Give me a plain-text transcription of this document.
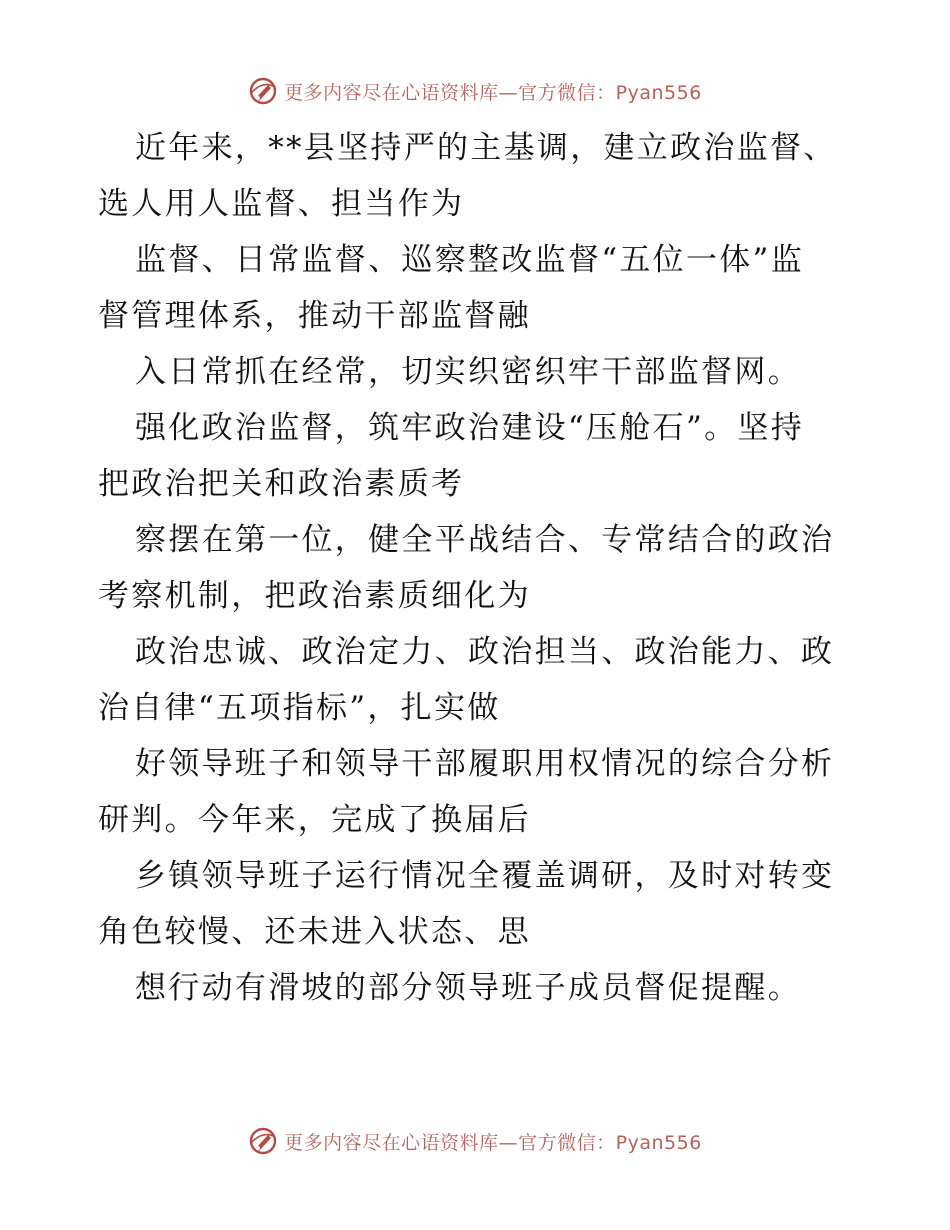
更多内容尽在心语资料库—官方微信：Pyan556

近年来，**县坚持严的主基调，建立政治监督、
选人用人监督、担当作为

监督、日常监督、巡察整改监督“五位一体”监
督管理体系，推动干部监督融

入日常抓在经常，切实织密织牢干部监督网。

强化政治监督，筑牢政治建设“压舱石”。坚持
把政治把关和政治素质考

察摆在第一位，健全平战结合、专常结合的政治
考察机制，把政治素质细化为

政治忠诚、政治定力、政治担当、政治能力、政
治自律“五项指标”，扎实做

好领导班子和领导干部履职用权情况的综合分析
研判。今年来，完成了换届后

乡镇领导班子运行情况全覆盖调研，及时对转变
角色较慢、还未进入状态、思

想行动有滑坡的部分领导班子成员督促提醒。

更多内容尽在心语资料库—官方微信：Pyan556
